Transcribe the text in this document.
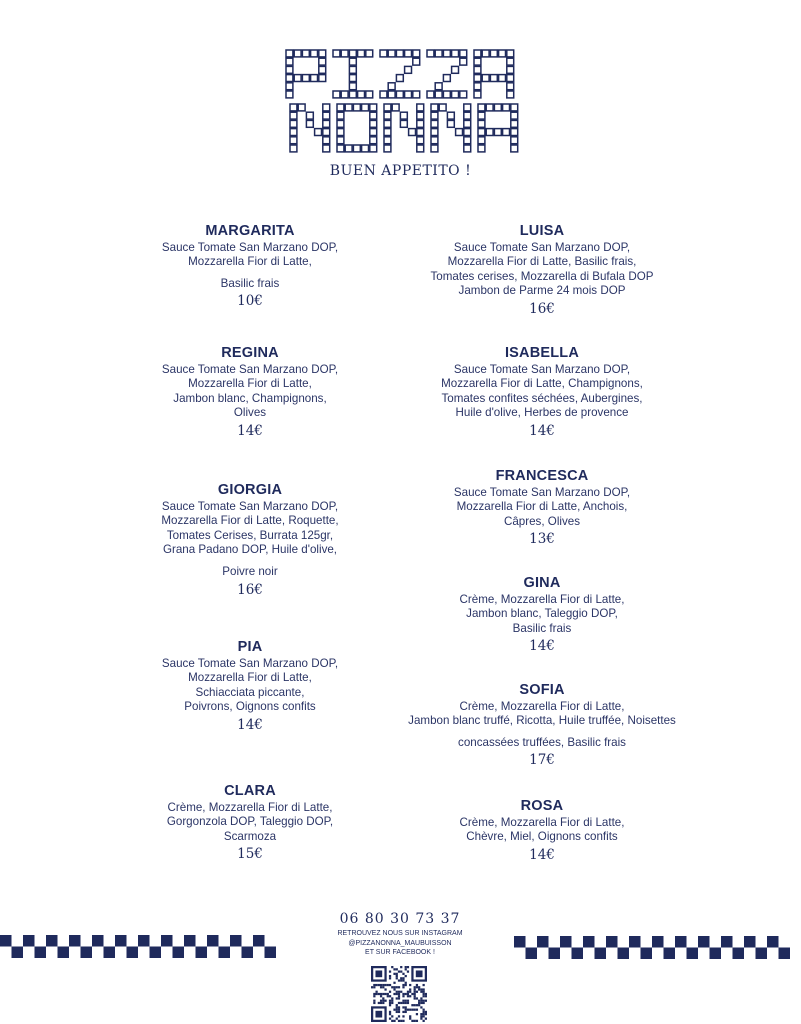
BUEN APPETITO !
MARGARITA
Sauce Tomate San Marzano DOP,
Mozzarella Fior di Latte,
Basilic frais
10€
REGINA
Sauce Tomate San Marzano DOP,
Mozzarella Fior di Latte,
Jambon blanc, Champignons,
Olives
14€
GIORGIA
Sauce Tomate San Marzano DOP,
Mozzarella Fior di Latte, Roquette,
Tomates Cerises, Burrata 125gr,
Grana Padano DOP, Huile d'olive,
Poivre noir
16€
PIA
Sauce Tomate San Marzano DOP,
Mozzarella Fior di Latte,
Schiacciata piccante,
Poivrons, Oignons confits
14€
CLARA
Crème, Mozzarella Fior di Latte,
Gorgonzola DOP, Taleggio DOP,
Scarmoza
15€
LUISA
Sauce Tomate San Marzano DOP,
Mozzarella Fior di Latte, Basilic frais,
Tomates cerises, Mozzarella di Bufala DOP
Jambon de Parme 24 mois DOP
16€
ISABELLA
Sauce Tomate San Marzano DOP,
Mozzarella Fior di Latte, Champignons,
Tomates confites séchées, Aubergines,
Huile d'olive, Herbes de provence
14€
FRANCESCA
Sauce Tomate San Marzano DOP,
Mozzarella Fior di Latte, Anchois,
Câpres, Olives
13€
GINA
Crème, Mozzarella Fior di Latte,
Jambon blanc, Taleggio DOP,
Basilic frais
14€
SOFIA
Crème, Mozzarella Fior di Latte,
Jambon blanc truffé, Ricotta, Huile truffée, Noisettes
concassées truffées, Basilic frais
17€
ROSA
Crème, Mozzarella Fior di Latte,
Chèvre, Miel, Oignons confits
14€
06 80 30 73 37
RETROUVEZ NOUS SUR INSTAGRAM
@PIZZANONNA_MAUBUISSON
ET SUR FACEBOOK !
